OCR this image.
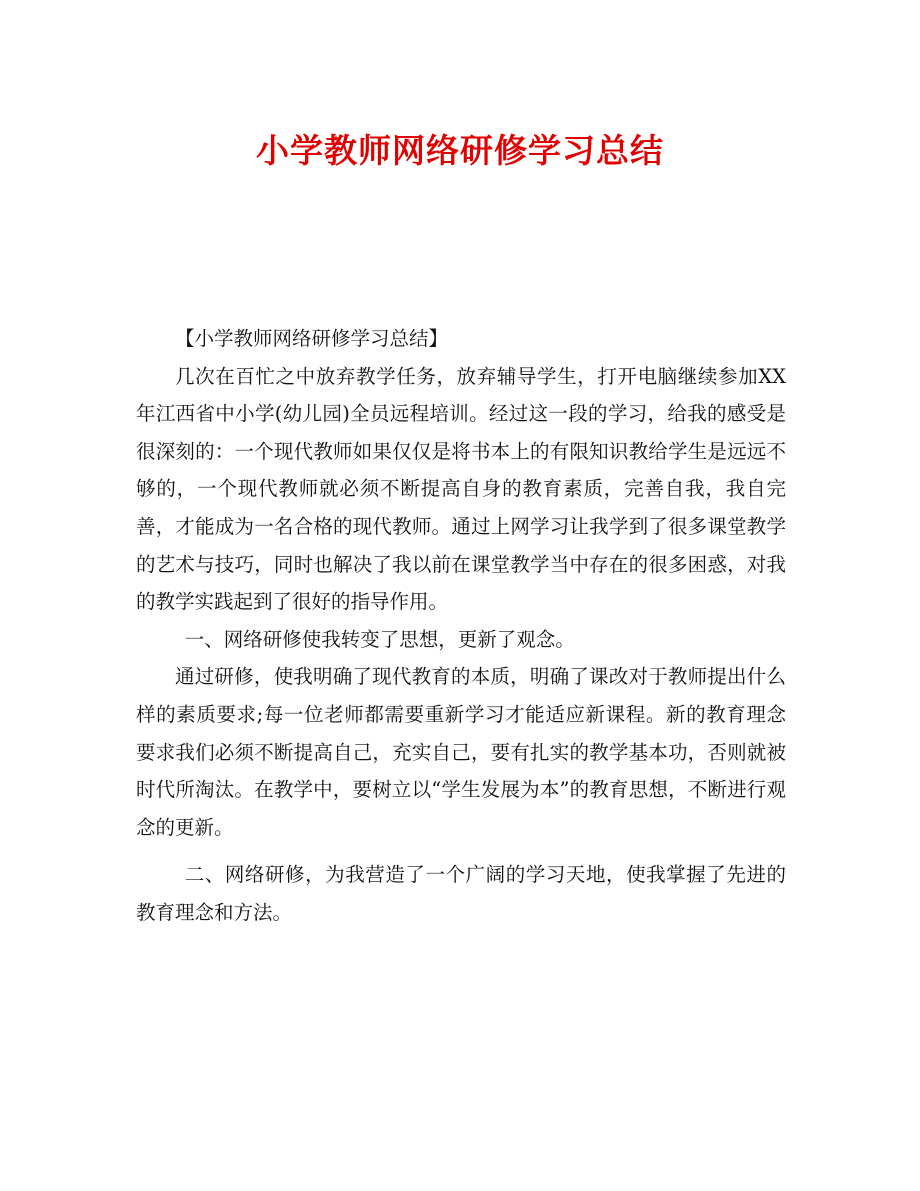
小学教师网络研修学习总结

【小学教师网络研修学习总结】

几次在百忙之中放弃教学任务，放弃辅导学生，打开电脑继续参加XX年江西省中小学(幼儿园)全员远程培训。经过这一段的学习，给我的感受是很深刻的：一个现代教师如果仅仅是将书本上的有限知识教给学生是远远不够的，一个现代教师就必须不断提高自身的教育素质，完善自我，我自完善，才能成为一名合格的现代教师。通过上网学习让我学到了很多课堂教学的艺术与技巧，同时也解决了我以前在课堂教学当中存在的很多困惑，对我的教学实践起到了很好的指导作用。

一、网络研修使我转变了思想，更新了观念。

通过研修，使我明确了现代教育的本质，明确了课改对于教师提出什么样的素质要求;每一位老师都需要重新学习才能适应新课程。新的教育理念要求我们必须不断提高自己，充实自己，要有扎实的教学基本功，否则就被时代所淘汰。在教学中，要树立以“学生发展为本”的教育思想，不断进行观念的更新。

二、网络研修，为我营造了一个广阔的学习天地，使我掌握了先进的教育理念和方法。
